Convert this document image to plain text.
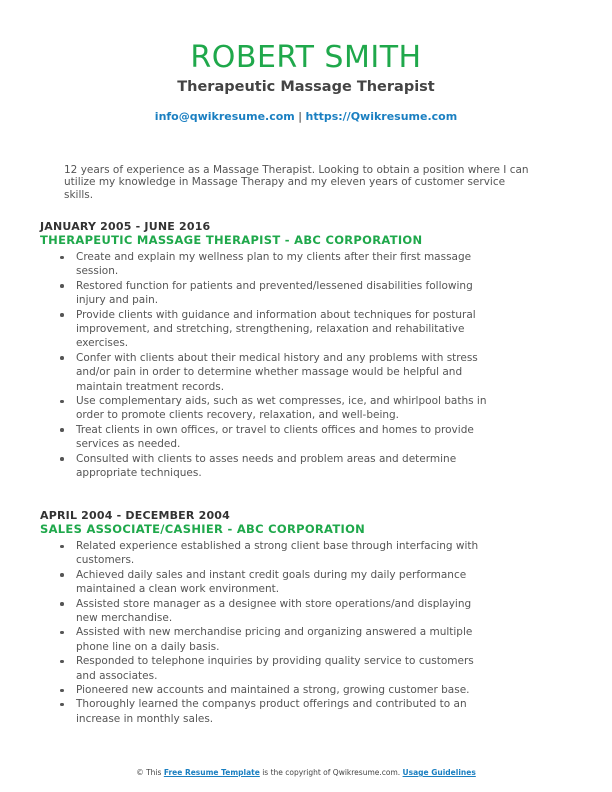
ROBERT SMITH
Therapeutic Massage Therapist
info@qwikresume.com | https://Qwikresume.com
12 years of experience as a Massage Therapist. Looking to obtain a position where I can utilize my knowledge in Massage Therapy and my eleven years of customer service skills.
JANUARY 2005 - JUNE 2016
THERAPEUTIC MASSAGE THERAPIST - ABC CORPORATION
Create and explain my wellness plan to my clients after their first massage session.
Restored function for patients and prevented/lessened disabilities following injury and pain.
Provide clients with guidance and information about techniques for postural improvement, and stretching, strengthening, relaxation and rehabilitative exercises.
Confer with clients about their medical history and any problems with stress and/or pain in order to determine whether massage would be helpful and maintain treatment records.
Use complementary aids, such as wet compresses, ice, and whirlpool baths in order to promote clients recovery, relaxation, and well-being.
Treat clients in own offices, or travel to clients offices and homes to provide services as needed.
Consulted with clients to asses needs and problem areas and determine appropriate techniques.
APRIL 2004 - DECEMBER 2004
SALES ASSOCIATE/CASHIER - ABC CORPORATION
Related experience established a strong client base through interfacing with customers.
Achieved daily sales and instant credit goals during my daily performance maintained a clean work environment.
Assisted store manager as a designee with store operations/and displaying new merchandise.
Assisted with new merchandise pricing and organizing answered a multiple phone line on a daily basis.
Responded to telephone inquiries by providing quality service to customers and associates.
Pioneered new accounts and maintained a strong, growing customer base.
Thoroughly learned the companys product offerings and contributed to an increase in monthly sales.
© This Free Resume Template is the copyright of Qwikresume.com. Usage Guidelines
